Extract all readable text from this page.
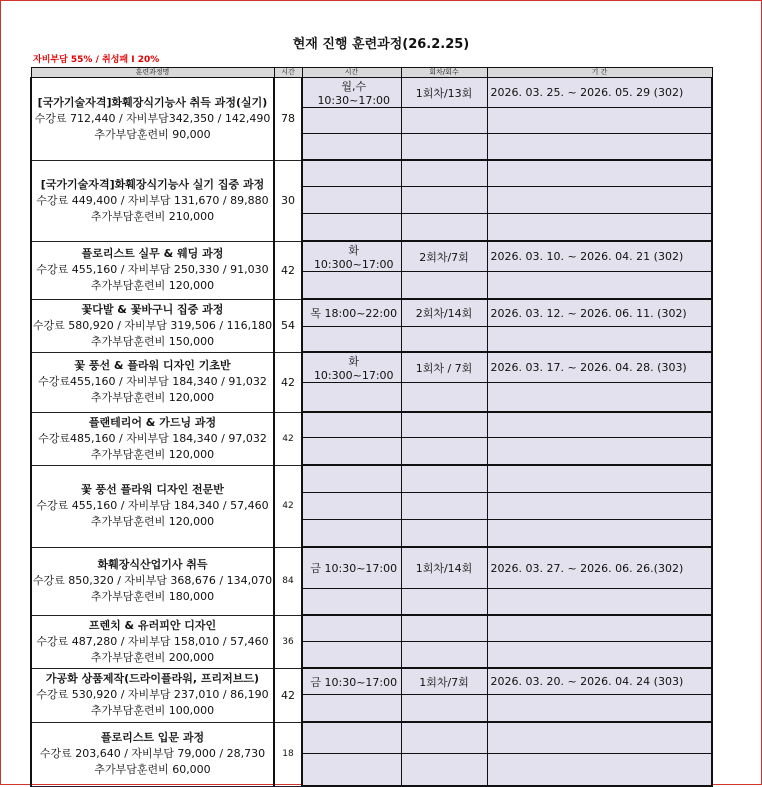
현재 진행 훈련과정(26.2.25)
자비부담 55% / 취성패 I 20%
훈련과정명	시간	시간	회차/회수	기 간

[국가기술자격]화훼장식기능사 취득 과정(실기)
수강료 712,440 / 자비부담342,350 / 142,490
추가부담훈련비 90,000	78	월,수 10:30~17:00	1회차/13회	2026. 03. 25. ~ 2026. 05. 29 (302)

[국가기술자격]화훼장식기능사 실기 집중 과정
수강료 449,400 / 자비부담 131,670 / 89,880
추가부담훈련비 210,000	30			

플로리스트 실무 & 웨딩 과정
수강료 455,160 / 자비부담 250,330 / 91,030
추가부담훈련비 120,000	42	화 10:300~17:00	2회차/7회	2026. 03. 10. ~ 2026. 04. 21 (302)

꽃다발 & 꽃바구니 집중 과정
수강료 580,920 / 자비부담 319,506 / 116,180
추가부담훈련비 150,000	54	목 18:00~22:00	2회차/14회	2026. 03. 12. ~ 2026. 06. 11. (302)

꽃 풍선 & 플라워 디자인 기초반
수강료455,160 / 자비부담 184,340 / 91,032
추가부담훈련비 120,000	42	화 10:300~17:00	1회차 / 7회	2026. 03. 17. ~ 2026. 04. 28. (303)

플랜테리어 & 가드닝 과정
수강료485,160 / 자비부담 184,340 / 97,032
추가부담훈련비 120,000	42			

꽃 풍선 플라워 디자인 전문반
수강료 455,160 / 자비부담 184,340 / 57,460
추가부담훈련비 120,000	42			

화훼장식산업기사 취득
수강료 850,320 / 자비부담 368,676 / 134,070
추가부담훈련비 180,000	84	금 10:30~17:00	1회차/14회	2026. 03. 27. ~ 2026. 06. 26.(302)

프렌치 & 유러피안 디자인
수강료 487,280 / 자비부담 158,010 / 57,460
추가부담훈련비 200,000	36			

가공화 상품제작(드라이플라워, 프리저브드)
수강료 530,920 / 자비부담 237,010 / 86,190
추가부담훈련비 100,000	42	금 10:30~17:00	1회차/7회	2026. 03. 20. ~ 2026. 04. 24 (303)

플로리스트 입문 과정
수강료 203,640 / 자비부담 79,000 / 28,730
추가부담훈련비 60,000	18			
